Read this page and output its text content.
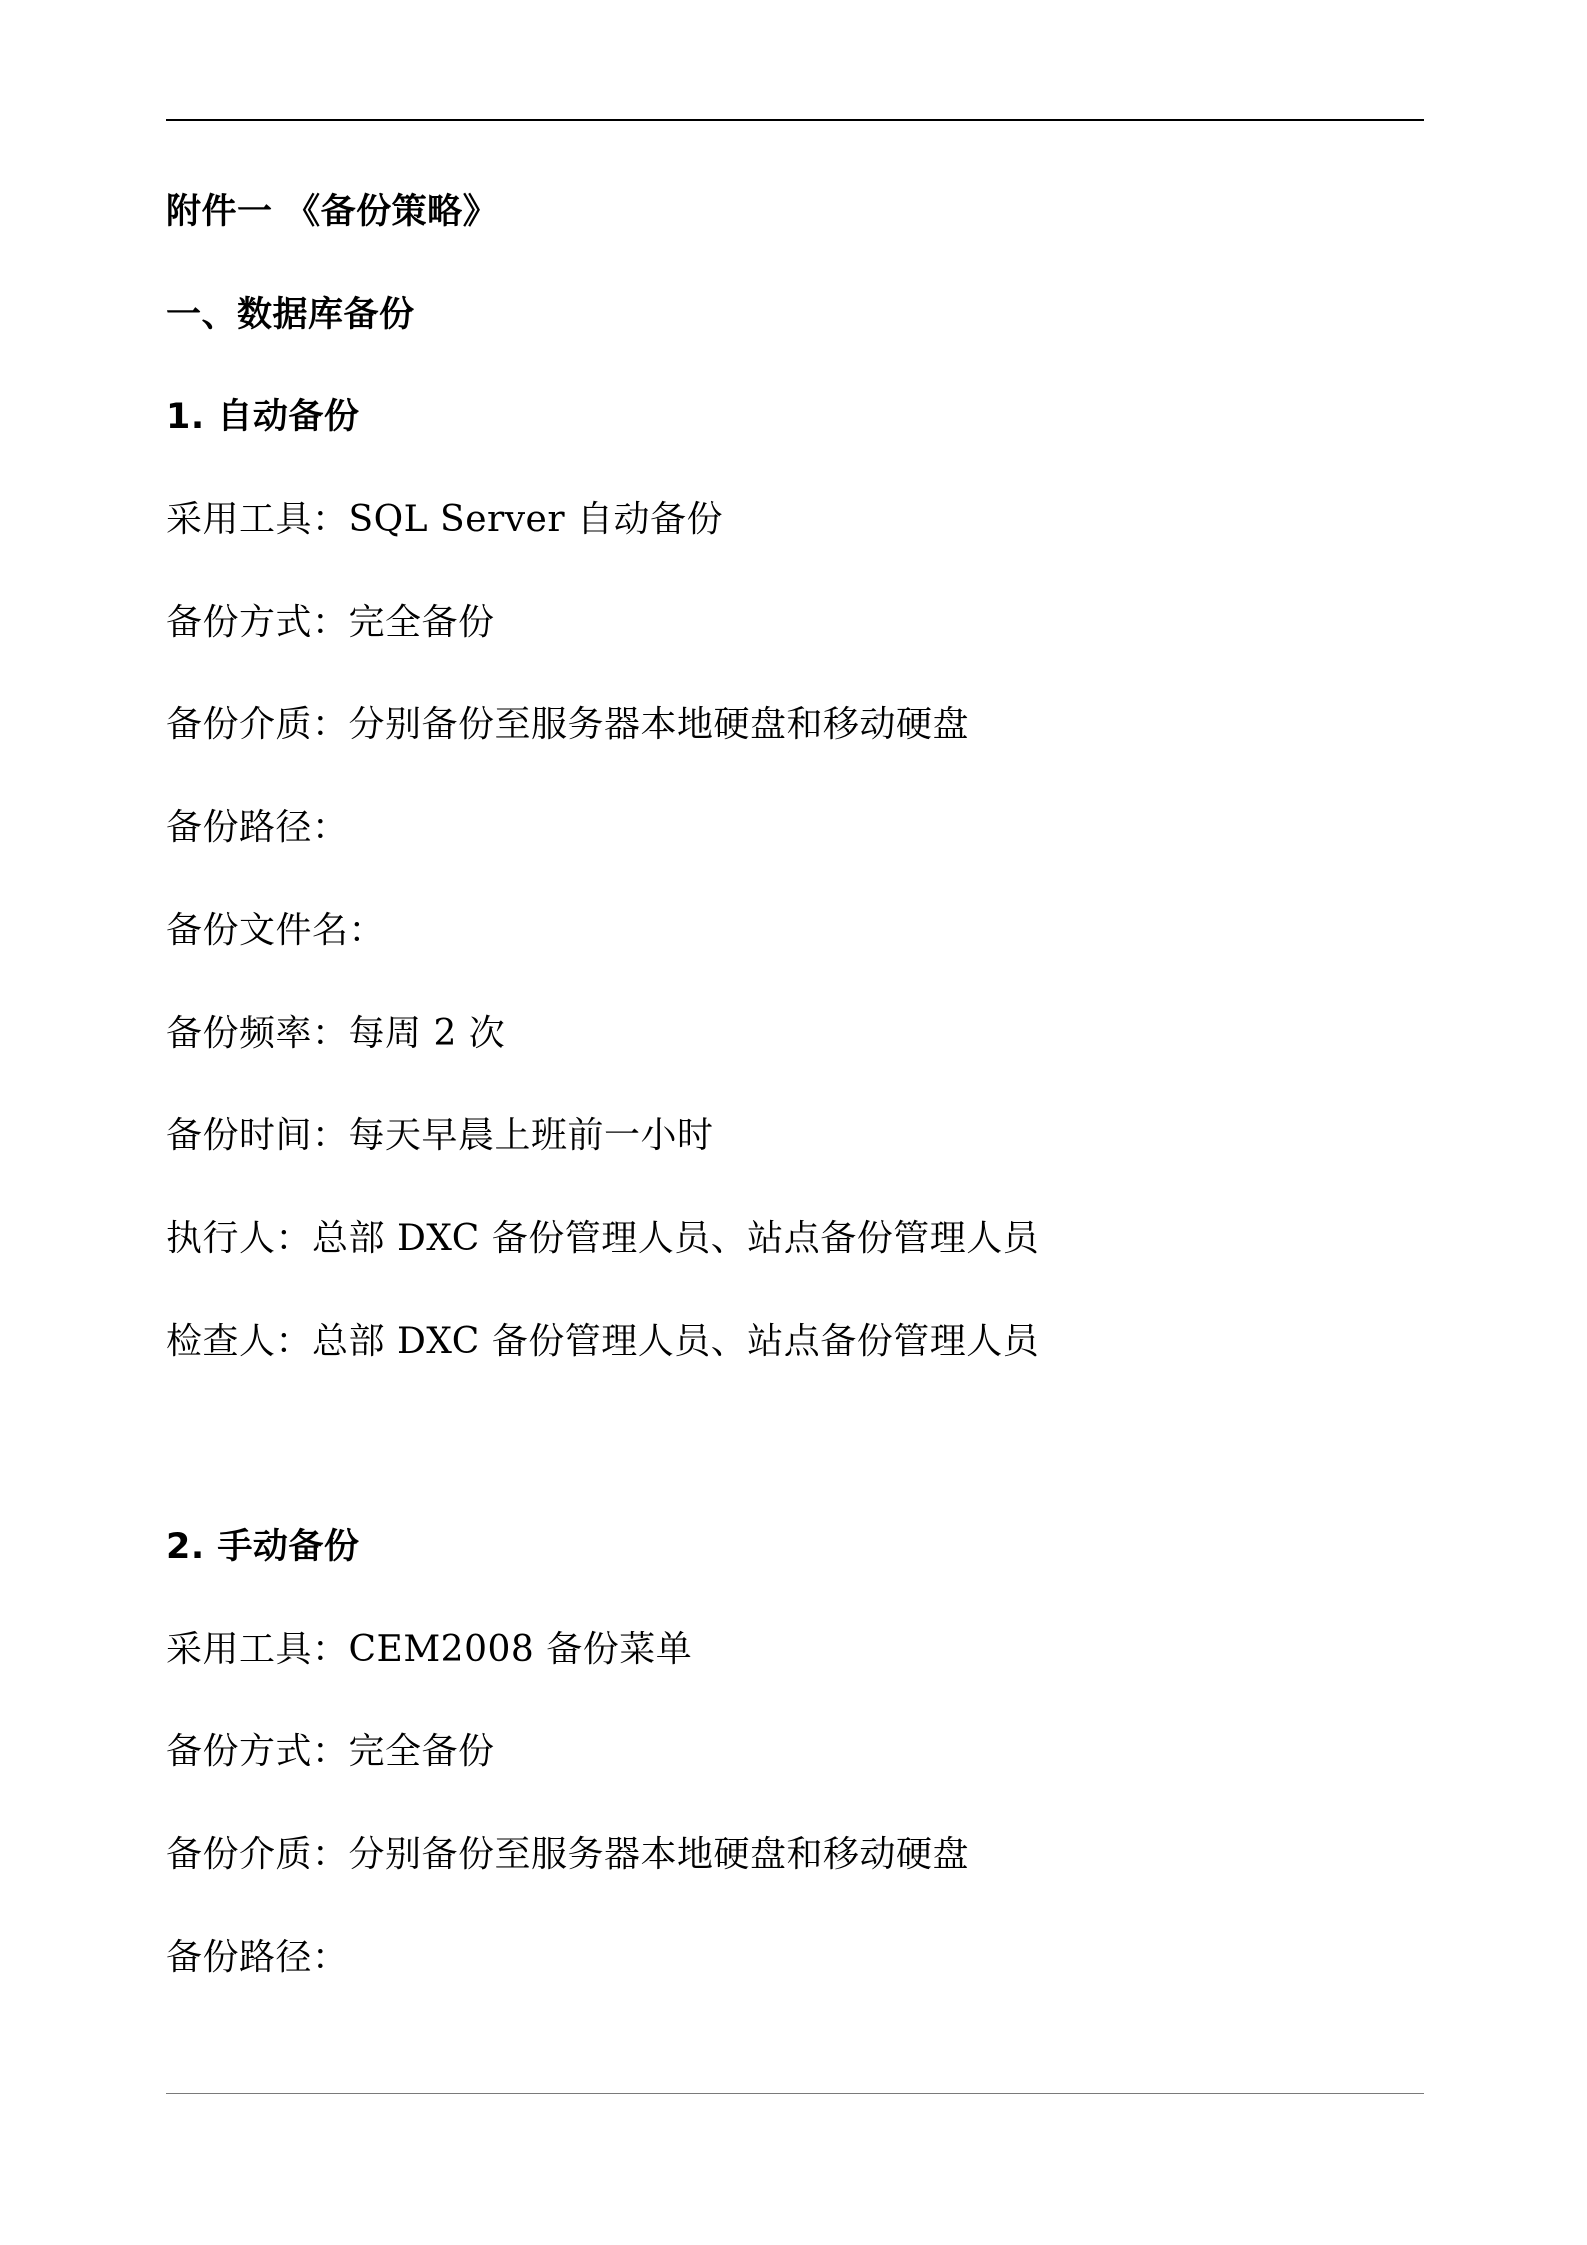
附件一 《备份策略》
一、数据库备份
1. 自动备份
采用工具：SQL Server 自动备份
备份方式：完全备份
备份介质：分别备份至服务器本地硬盘和移动硬盘
备份路径：
备份文件名：
备份频率：每周 2 次
备份时间：每天早晨上班前一小时
执行人：总部 DXC 备份管理人员、站点备份管理人员
检查人：总部 DXC 备份管理人员、站点备份管理人员
2. 手动备份
采用工具：CEM2008 备份菜单
备份方式：完全备份
备份介质：分别备份至服务器本地硬盘和移动硬盘
备份路径：
